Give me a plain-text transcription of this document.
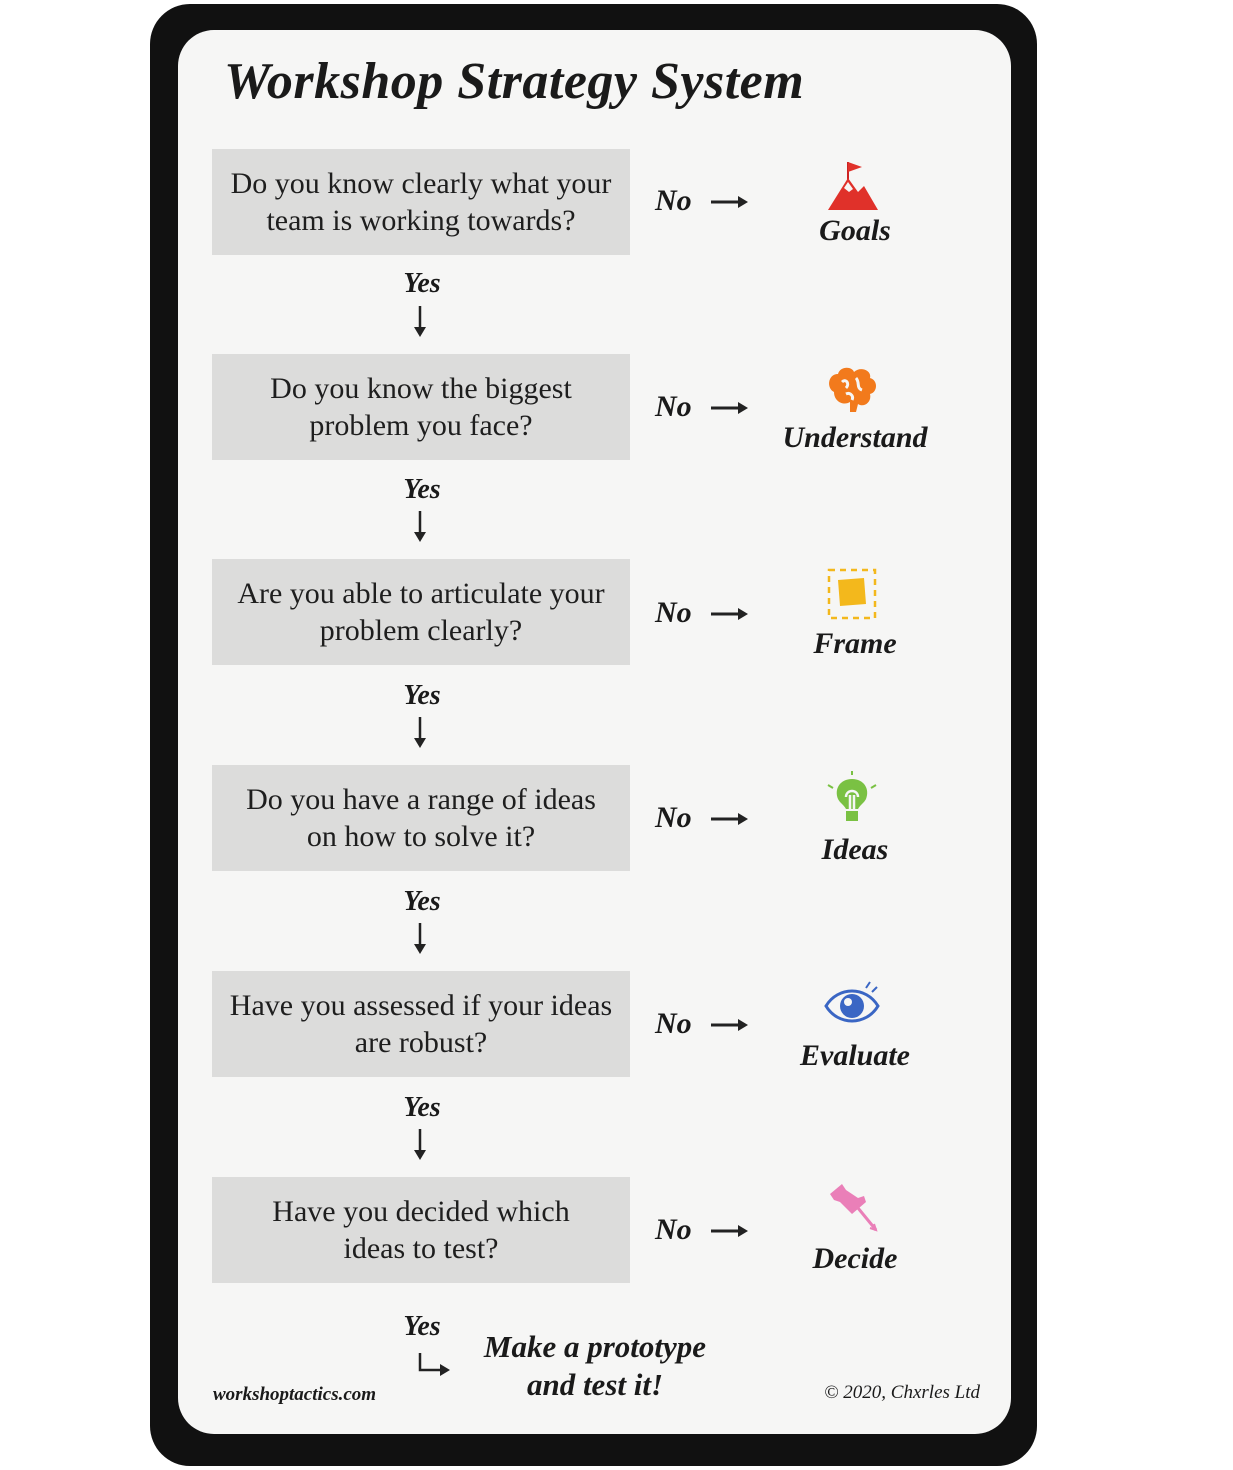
Workshop Strategy System
Do you know clearly what your
team is working towards?
No
Goals
Yes
Do you know the biggest
problem you face?
No
Understand
Yes
Are you able to articulate your
problem clearly?
No
Frame
Yes
Do you have a range of ideas
on how to solve it?
No
Ideas
Yes
Have you assessed if your ideas
are robust?
No
Evaluate
Yes
Have you decided which
ideas to test?
No
Decide
Yes
Make a prototype
and test it!
workshoptactics.com	© 2020, Chxrles Ltd
